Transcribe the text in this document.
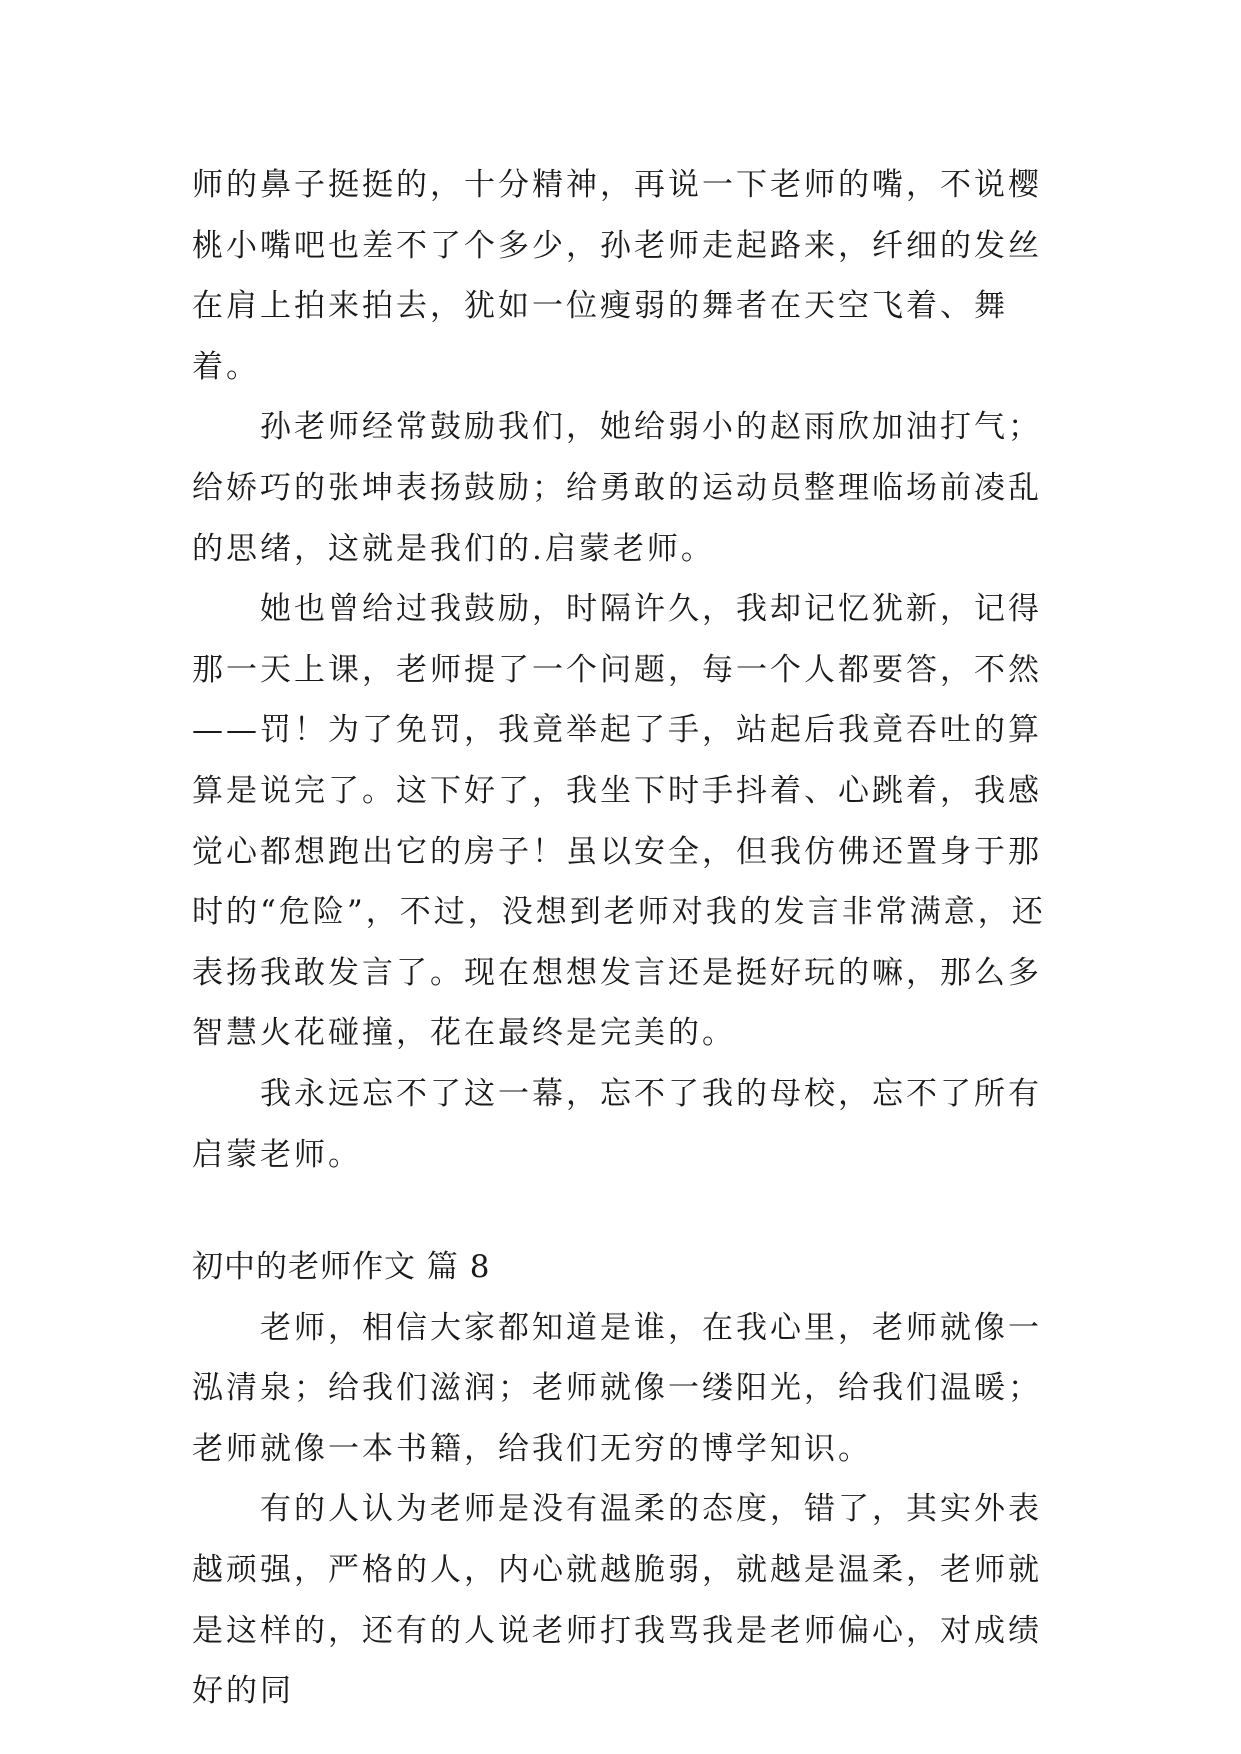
师的鼻子挺挺的，十分精神，再说一下老师的嘴，不说樱桃小嘴吧也差不了个多少，孙老师走起路来，纤细的发丝在肩上拍来拍去，犹如一位瘦弱的舞者在天空飞着、舞着。

孙老师经常鼓励我们，她给弱小的赵雨欣加油打气；给娇巧的张坤表扬鼓励；给勇敢的运动员整理临场前凌乱的思绪，这就是我们的.启蒙老师。

她也曾给过我鼓励，时隔许久，我却记忆犹新，记得那一天上课，老师提了一个问题，每一个人都要答，不然——罚！为了免罚，我竟举起了手，站起后我竟吞吐的算算是说完了。这下好了，我坐下时手抖着、心跳着，我感觉心都想跑出它的房子！虽以安全，但我仿佛还置身于那时的“危险”，不过，没想到老师对我的发言非常满意，还表扬我敢发言了。现在想想发言还是挺好玩的嘛，那么多智慧火花碰撞，花在最终是完美的。

我永远忘不了这一幕，忘不了我的母校，忘不了所有启蒙老师。

初中的老师作文 篇 8

老师，相信大家都知道是谁，在我心里，老师就像一泓清泉；给我们滋润；老师就像一缕阳光，给我们温暖；老师就像一本书籍，给我们无穷的博学知识。

有的人认为老师是没有温柔的态度，错了，其实外表越顽强，严格的人，内心就越脆弱，就越是温柔，老师就是这样的，还有的人说老师打我骂我是老师偏心，对成绩好的同
